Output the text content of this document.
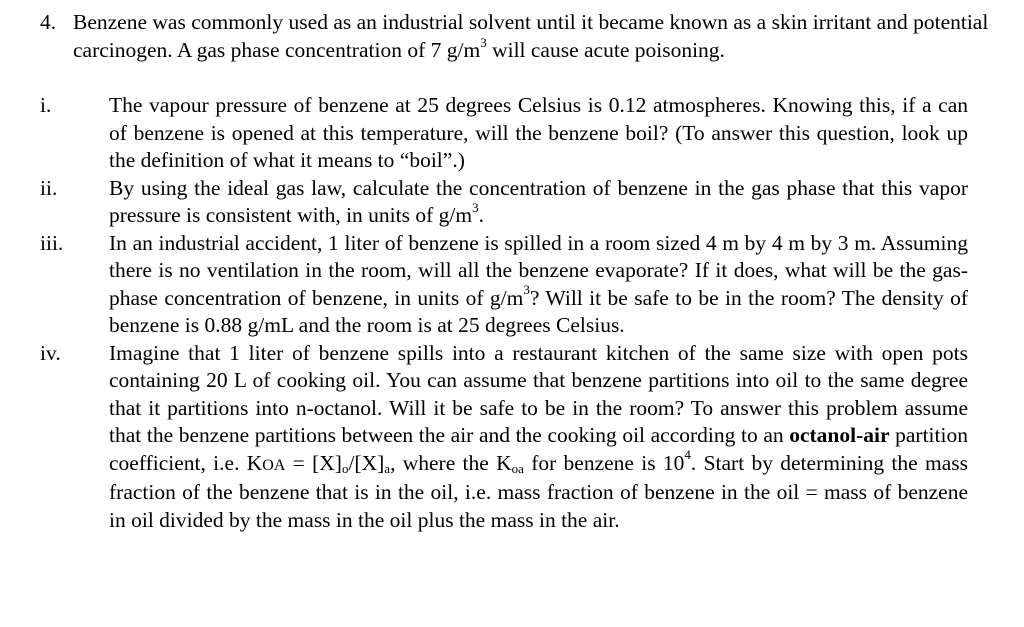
4. Benzene was commonly used as an industrial solvent until it became known as a skin irritant and potential carcinogen. A gas phase concentration of 7 $g/m^3$ will cause acute poisoning.
i.	The vapour pressure of benzene at 25 degrees Celsius is 0.12 atmospheres. Knowing this, if a can of benzene is opened at this temperature, will the benzene boil? (To answer this question, look up the definition of what it means to “boil”.)
ii. By using the ideal gas law, calculate the concentration of benzene in the gas phase that this vapor pressure is consistent with, in units of $g/m^3$.
iii. In an industrial accident, 1 liter of benzene is spilled in a room sized 4 m by 4 m by 3 m. Assuming there is no ventilation in the room, will all the benzene evaporate? If it does, what will be the gas-phase concentration of benzene, in units of $g/m^3$? Will it be safe to be in the room? The density of benzene is 0.88 g/mL and the room is at 25 degrees Celsius.
iv. Imagine that 1 liter of benzene spills into a restaurant kitchen of the same size with open pots containing 20 L of cooking oil. You can assume that benzene partitions into oil to the same degree that it partitions into n-octanol. Will it be safe to be in the room? To answer this problem assume that the benzene partitions between the air and the cooking oil according to an octanol-air partition coefficient, i.e. KOA = $[X]_o/[X]_a$, where the $K_{oa}$ for benzene is $10^4$. Start by determining the mass fraction of the benzene that is in the oil, i.e. mass fraction of benzene in the oil = mass of benzene in oil divided by the mass in the oil plus the mass in the air.
